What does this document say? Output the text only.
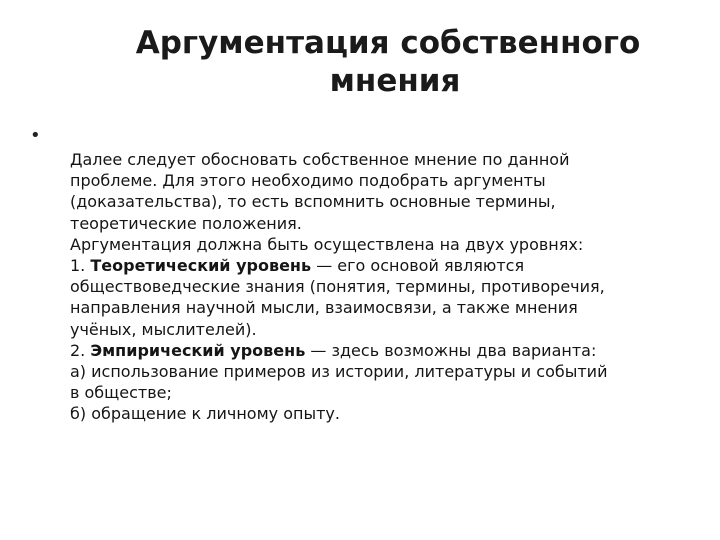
Аргументация собственного
мнения
•
Далее следует обосновать собственное мнение по данной
проблеме. Для этого необходимо подобрать аргументы
(доказательства), то есть вспомнить основные термины,
теоретические положения.
Аргументация должна быть осуществлена на двух уровнях:
1. Теоретический уровень — его основой являются
обществоведческие знания (понятия, термины, противоречия,
направления научной мысли, взаимосвязи, а также мнения
учёных, мыслителей).
2. Эмпирический уровень — здесь возможны два варианта:
а) использование примеров из истории, литературы и событий
в обществе;
б) обращение к личному опыту.
